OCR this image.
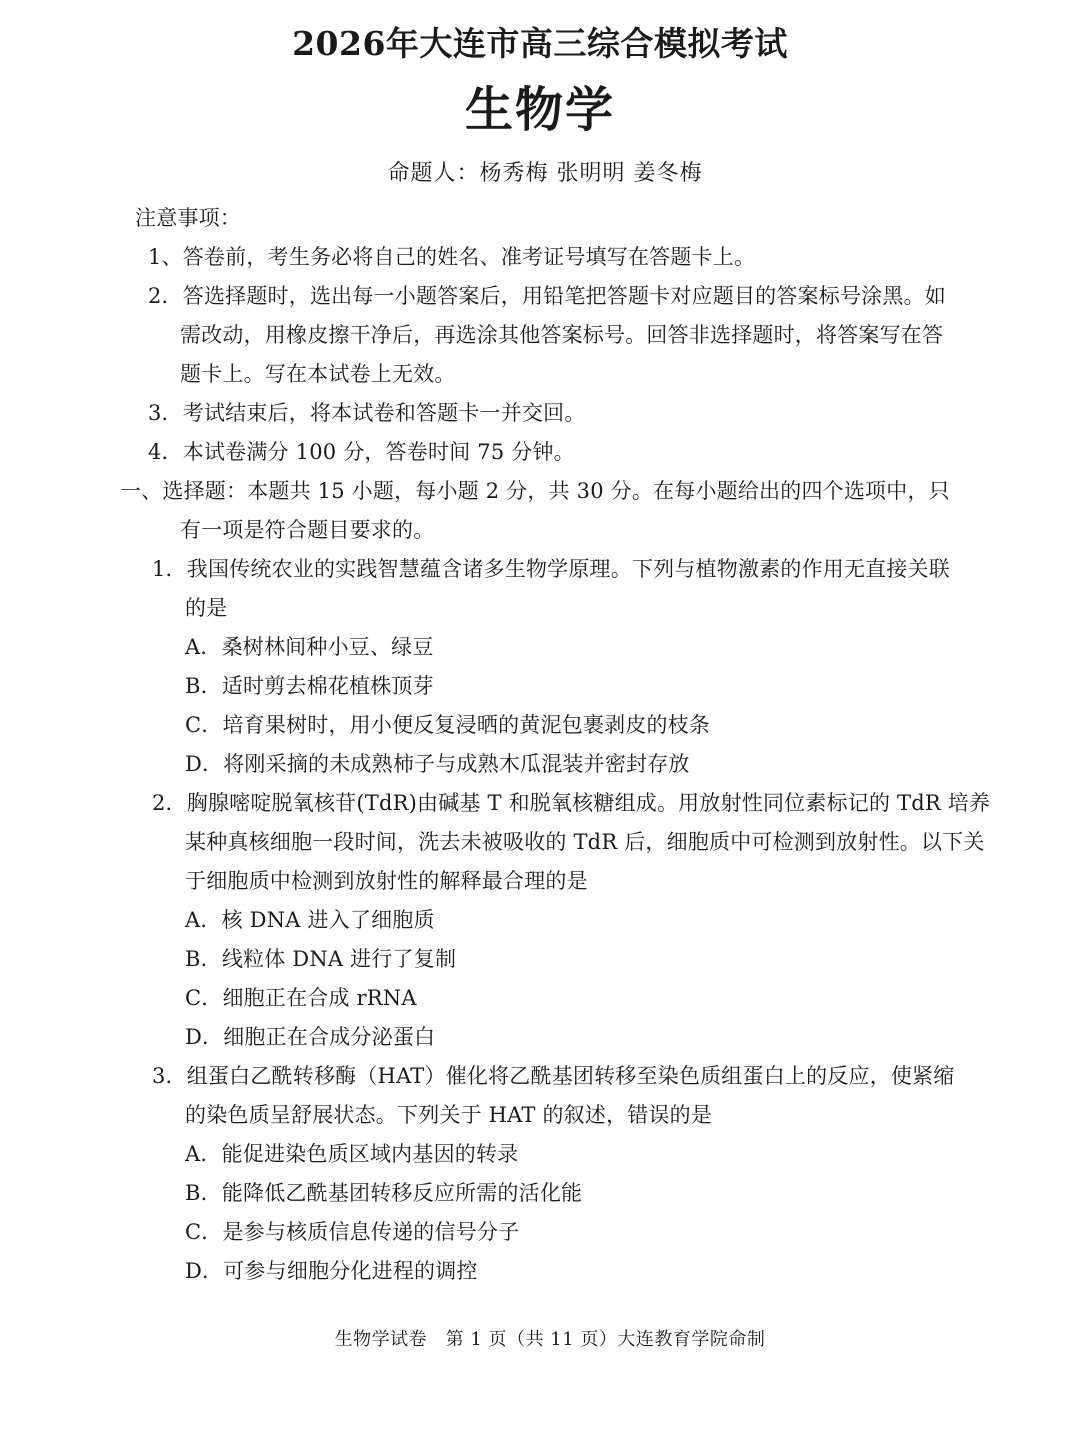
2026年大连市高三综合模拟考试
生物学
命题人：杨秀梅 张明明 姜冬梅
注意事项：
1、答卷前，考生务必将自己的姓名、准考证号填写在答题卡上。
2．答选择题时，选出每一小题答案后，用铅笔把答题卡对应题目的答案标号涂黑。如
需改动，用橡皮擦干净后，再选涂其他答案标号。回答非选择题时，将答案写在答
题卡上。写在本试卷上无效。
3．考试结束后，将本试卷和答题卡一并交回。
4．本试卷满分 100 分，答卷时间 75 分钟。
一、选择题：本题共 15 小题，每小题 2 分，共 30 分。在每小题给出的四个选项中，只
有一项是符合题目要求的。
1．我国传统农业的实践智慧蕴含诸多生物学原理。下列与植物激素的作用无直接关联
的是
A．桑树林间种小豆、绿豆
B．适时剪去棉花植株顶芽
C．培育果树时，用小便反复浸晒的黄泥包裹剥皮的枝条
D．将刚采摘的未成熟柿子与成熟木瓜混装并密封存放
2．胸腺嘧啶脱氧核苷(TdR)由碱基 T 和脱氧核糖组成。用放射性同位素标记的 TdR 培养
某种真核细胞一段时间，洗去未被吸收的 TdR 后，细胞质中可检测到放射性。以下关
于细胞质中检测到放射性的解释最合理的是
A．核 DNA 进入了细胞质
B．线粒体 DNA 进行了复制
C．细胞正在合成 rRNA
D．细胞正在合成分泌蛋白
3．组蛋白乙酰转移酶（HAT）催化将乙酰基团转移至染色质组蛋白上的反应，使紧缩
的染色质呈舒展状态。下列关于 HAT 的叙述，错误的是
A．能促进染色质区域内基因的转录
B．能降低乙酰基团转移反应所需的活化能
C．是参与核质信息传递的信号分子
D．可参与细胞分化进程的调控
生物学试卷　第 1 页（共 11 页）大连教育学院命制
